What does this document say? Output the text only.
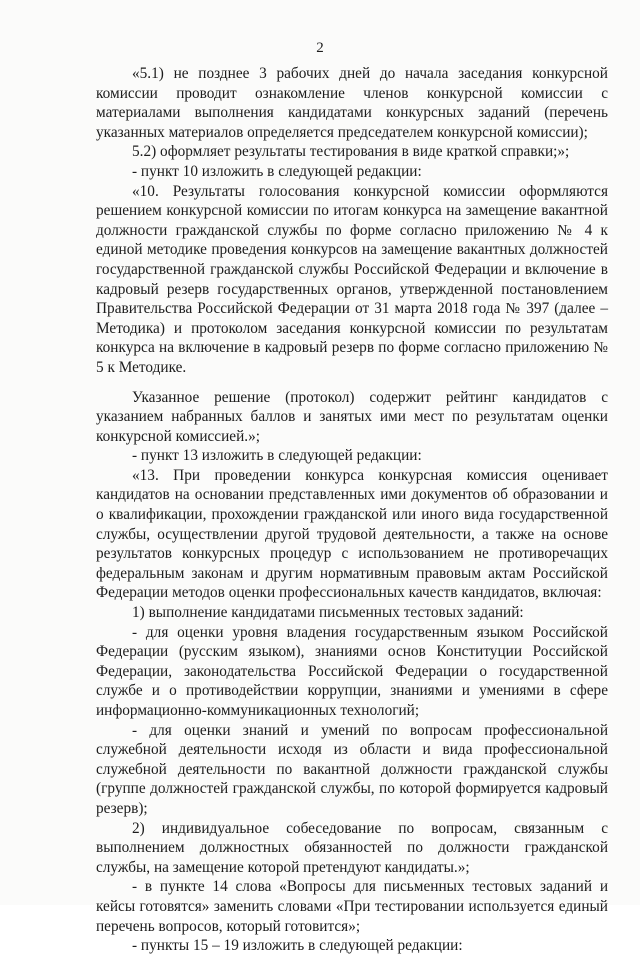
2

«5.1) не позднее 3 рабочих дней до начала заседания конкурсной комиссии проводит ознакомление членов конкурсной комиссии с материалами выполнения кандидатами конкурсных заданий (перечень указанных материалов определяется председателем конкурсной комиссии);

5.2) оформляет результаты тестирования в виде краткой справки;»;

- пункт 10 изложить в следующей редакции:

«10. Результаты голосования конкурсной комиссии оформляются решением конкурсной комиссии по итогам конкурса на замещение вакантной должности гражданской службы по форме согласно приложению № 4 к единой методике проведения конкурсов на замещение вакантных должностей государственной гражданской службы Российской Федерации и включение в кадровый резерв государственных органов, утвержденной постановлением Правительства Российской Федерации от 31 марта 2018 года № 397 (далее – Методика) и протоколом заседания конкурсной комиссии по результатам конкурса на включение в кадровый резерв по форме согласно приложению № 5 к Методике.

Указанное решение (протокол) содержит рейтинг кандидатов с указанием набранных баллов и занятых ими мест по результатам оценки конкурсной комиссией.»;

- пункт 13 изложить в следующей редакции:

«13. При проведении конкурса конкурсная комиссия оценивает кандидатов на основании представленных ими документов об образовании и о квалификации, прохождении гражданской или иного вида государственной службы, осуществлении другой трудовой деятельности, а также на основе результатов конкурсных процедур с использованием не противоречащих федеральным законам и другим нормативным правовым актам Российской Федерации методов оценки профессиональных качеств кандидатов, включая:

1) выполнение кандидатами письменных тестовых заданий:

- для оценки уровня владения государственным языком Российской Федерации (русским языком), знаниями основ Конституции Российской Федерации, законодательства Российской Федерации о государственной службе и о противодействии коррупции, знаниями и умениями в сфере информационно-коммуникационных технологий;

- для оценки знаний и умений по вопросам профессиональной служебной деятельности исходя из области и вида профессиональной служебной деятельности по вакантной должности гражданской службы (группе должностей гражданской службы, по которой формируется кадровый резерв);

2) индивидуальное собеседование по вопросам, связанным с выполнением должностных обязанностей по должности гражданской службы, на замещение которой претендуют кандидаты.»;

- в пункте 14 слова «Вопросы для письменных тестовых заданий и кейсы готовятся» заменить словами «При тестировании используется единый перечень вопросов, который готовится»;

- пункты 15 – 19 изложить в следующей редакции:
